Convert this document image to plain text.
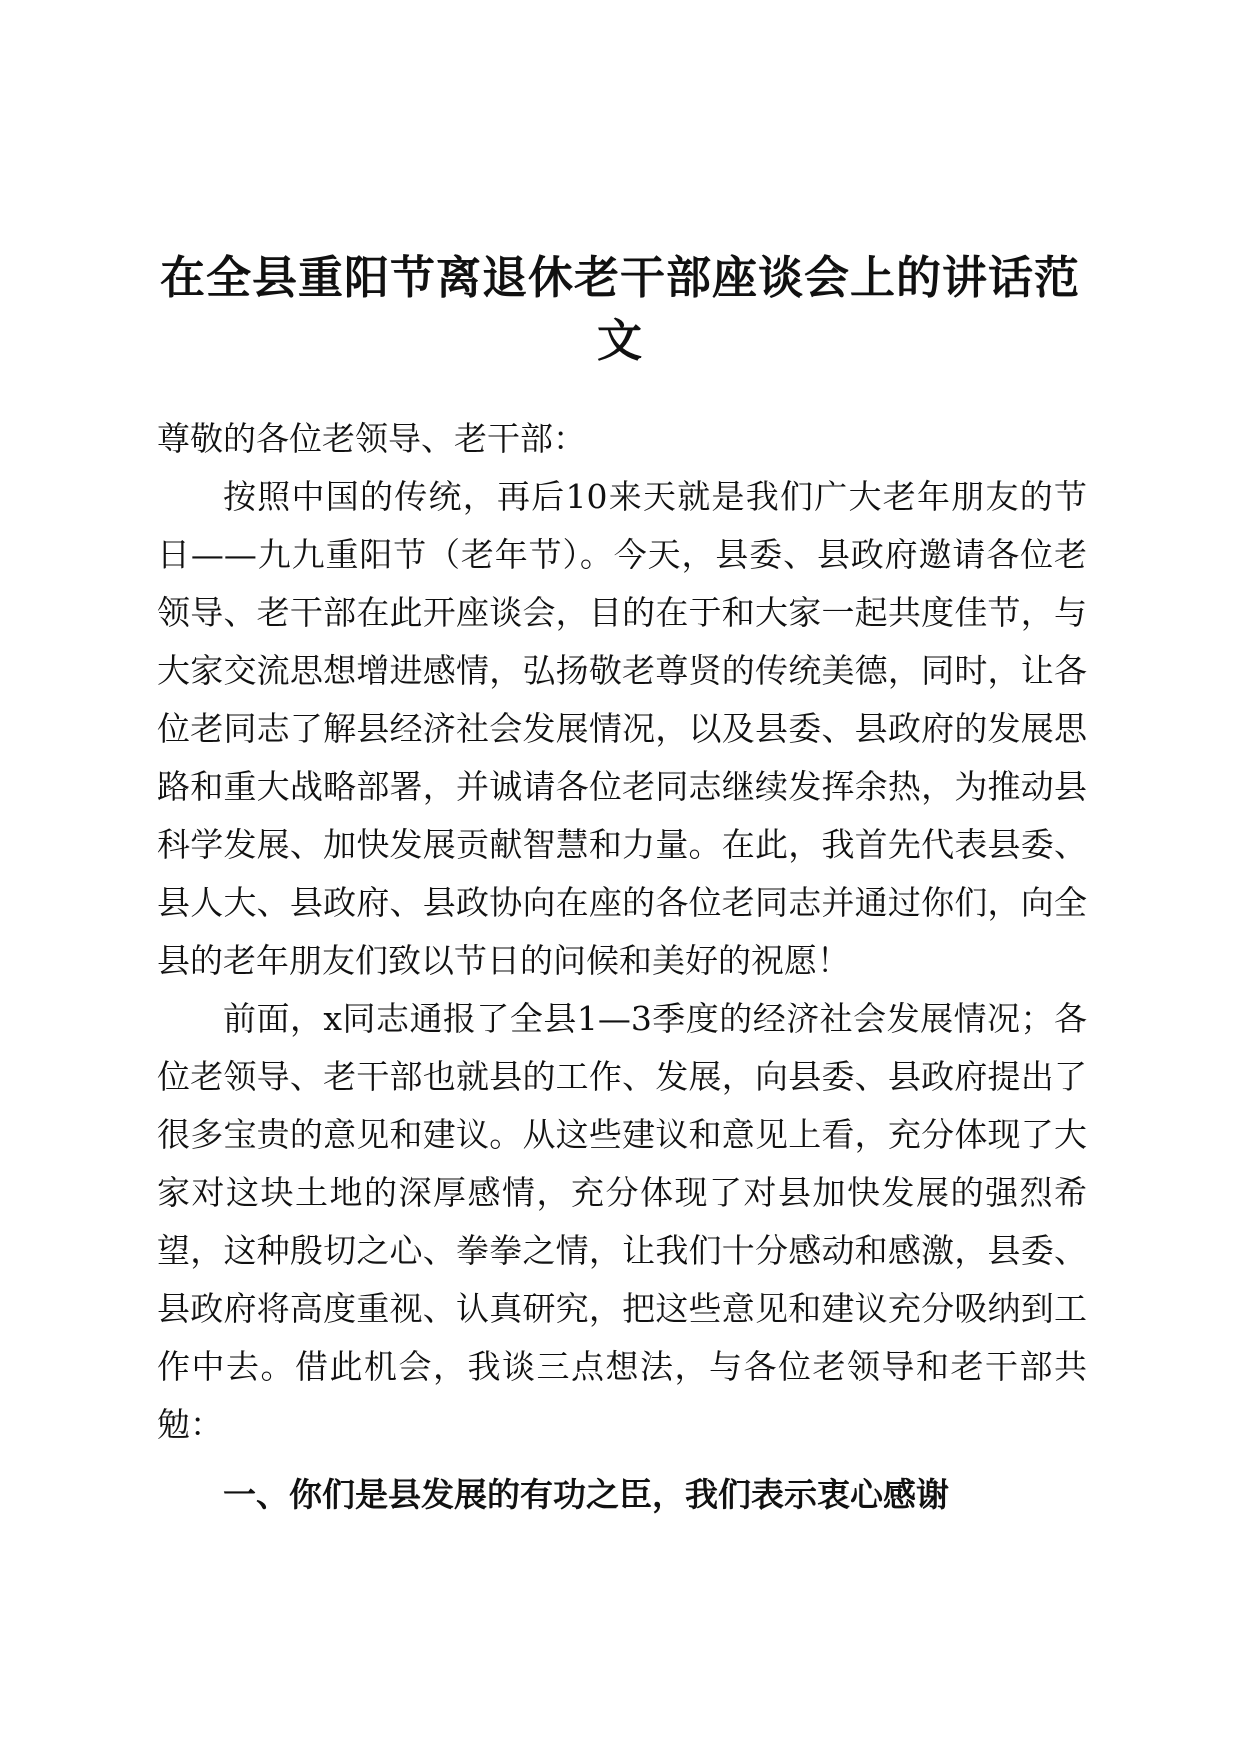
在全县重阳节离退休老干部座谈会上的讲话范文

尊敬的各位老领导、老干部：

按照中国的传统，再后10来天就是我们广大老年朋友的节日——九九重阳节（老年节）。今天，县委、县政府邀请各位老领导、老干部在此开座谈会，目的在于和大家一起共度佳节，与大家交流思想增进感情，弘扬敬老尊贤的传统美德，同时，让各位老同志了解县经济社会发展情况，以及县委、县政府的发展思路和重大战略部署，并诚请各位老同志继续发挥余热，为推动县科学发展、加快发展贡献智慧和力量。在此，我首先代表县委、县人大、县政府、县政协向在座的各位老同志并通过你们，向全县的老年朋友们致以节日的问候和美好的祝愿！

前面，x同志通报了全县1—3季度的经济社会发展情况；各位老领导、老干部也就县的工作、发展，向县委、县政府提出了很多宝贵的意见和建议。从这些建议和意见上看，充分体现了大家对这块土地的深厚感情，充分体现了对县加快发展的强烈希望，这种殷切之心、拳拳之情，让我们十分感动和感激，县委、县政府将高度重视、认真研究，把这些意见和建议充分吸纳到工作中去。借此机会，我谈三点想法，与各位老领导和老干部共勉：

一、你们是县发展的有功之臣，我们表示衷心感谢
